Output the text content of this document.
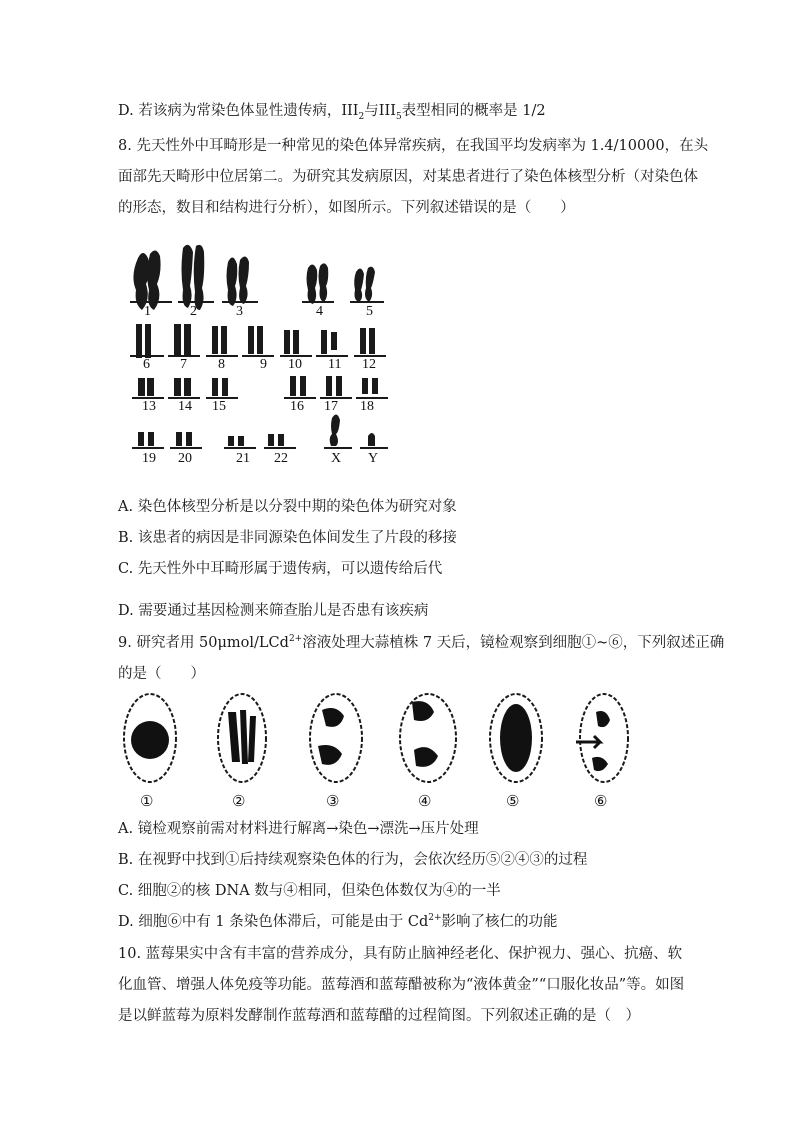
D. 若该病为常染色体显性遗传病，$III_2$与$III_5$表型相同的概率是 1/2
8. 先天性外中耳畸形是一种常见的染色体异常疾病，在我国平均发病率为 1.4/10000，在头
面部先天畸形中位居第二。为研究其发病原因，对某患者进行了染色体核型分析（对染色体
的形态，数目和结构进行分析），如图所示。下列叙述错误的是（　　）
1	2	3	4	5
6 7 8	9 10 11 12
13 14 15	16 17 18
19 20	21 22	X Y
A. 染色体核型分析是以分裂中期的染色体为研究对象
B. 该患者的病因是非同源染色体间发生了片段的移接
C. 先天性外中耳畸形属于遗传病，可以遗传给后代
D. 需要通过基因检测来筛查胎儿是否患有该疾病
9. 研究者用 50μmol/LCd$^{2+}$溶液处理大蒜植株 7 天后，镜检观察到细胞①~⑥，下列叙述正确
的是（　　）
①	②	③	④	⑤	⑥
A. 镜检观察前需对材料进行解离→染色→漂洗→压片处理
B. 在视野中找到①后持续观察染色体的行为，会依次经历⑤②④③的过程
C. 细胞②的核 DNA 数与④相同，但染色体数仅为④的一半
D. 细胞⑥中有 1 条染色体滞后，可能是由于 $Cd^{2+}$影响了核仁的功能
10. 蓝莓果实中含有丰富的营养成分，具有防止脑神经老化、保护视力、强心、抗癌、软
化血管、增强人体免疫等功能。蓝莓酒和蓝莓醋被称为“液体黄金”“口服化妆品”等。如图
是以鲜蓝莓为原料发酵制作蓝莓酒和蓝莓醋的过程简图。下列叙述正确的是（　）
